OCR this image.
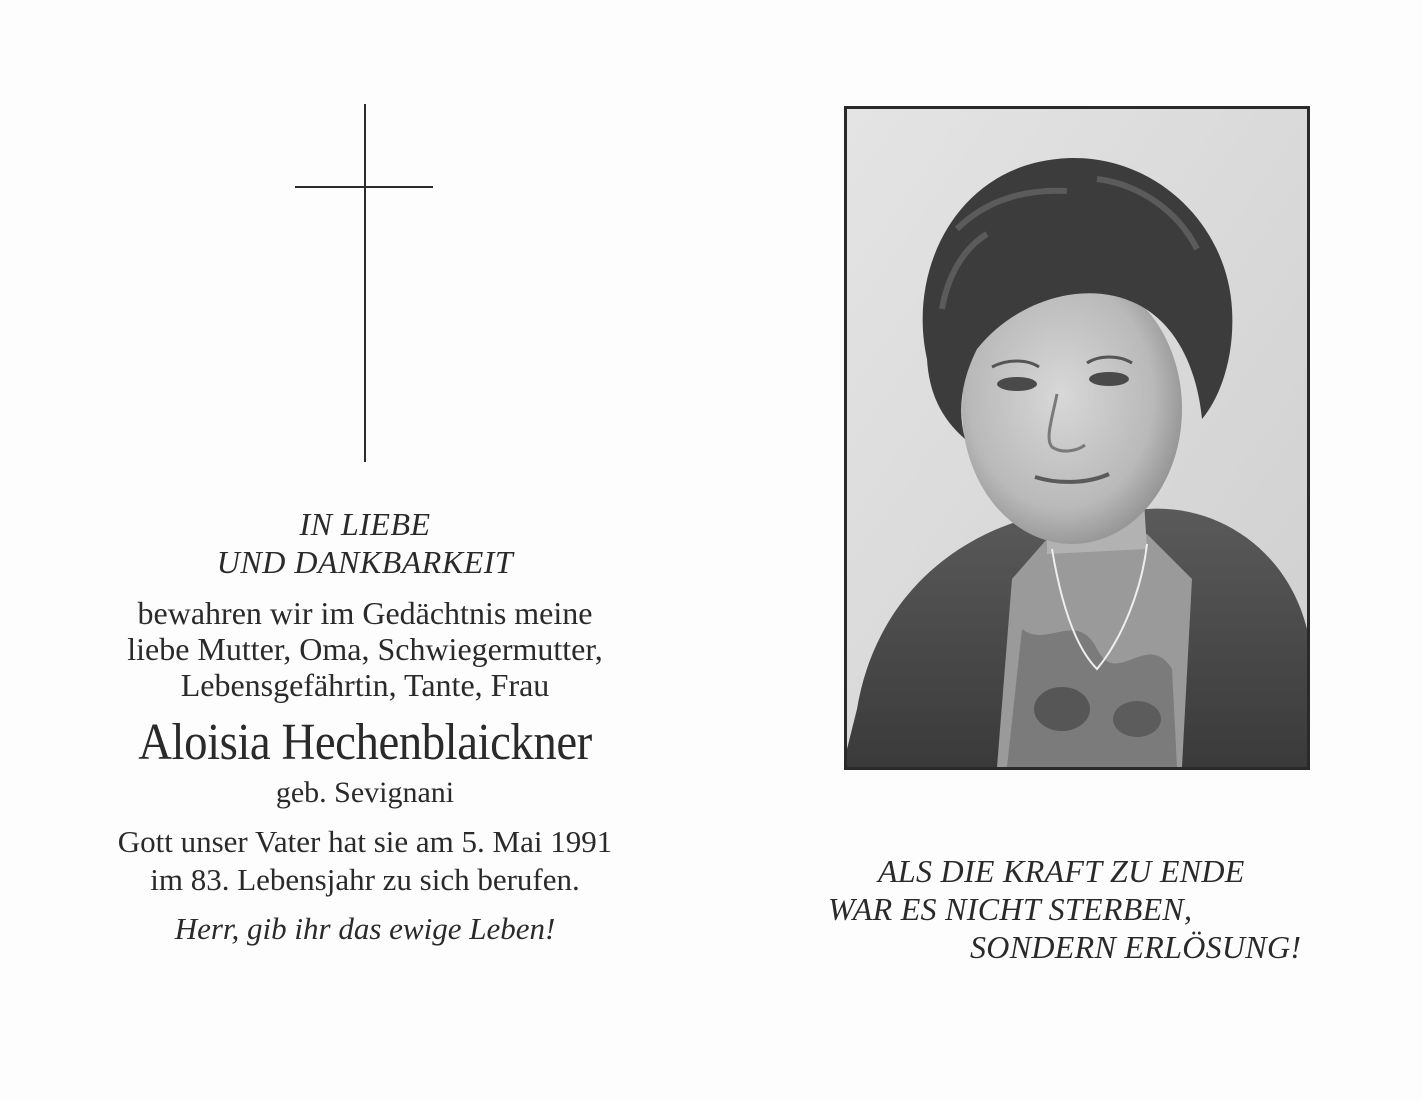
IN LIEBE
UND DANKBARKEIT
bewahren wir im Gedächtnis meine
liebe Mutter, Oma, Schwiegermutter,
Lebensgefährtin, Tante, Frau
Aloisia Hechenblaickner
geb. Sevignani
Gott unser Vater hat sie am 5. Mai 1991
im 83. Lebensjahr zu sich berufen.
Herr, gib ihr das ewige Leben!
ALS DIE KRAFT ZU ENDE
WAR ES NICHT STERBEN,
SONDERN ERLÖSUNG!
